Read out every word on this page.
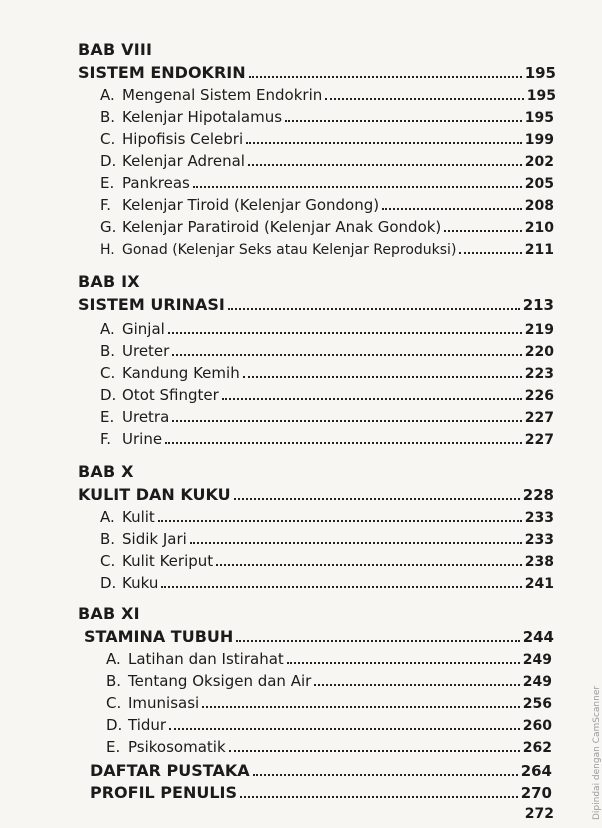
BAB VIII
SISTEM ENDOKRIN	195
A. Mengenal Sistem Endokrin	195
B. Kelenjar Hipotalamus	195
C. Hipofisis Celebri	199
D. Kelenjar Adrenal	202
E. Pankreas	205
F. Kelenjar Tiroid (Kelenjar Gondong)	208
G. Kelenjar Paratiroid (Kelenjar Anak Gondok)	210
H. Gonad (Kelenjar Seks atau Kelenjar Reproduksi)	211
BAB IX
SISTEM URINASI	213
A. Ginjal	219
B. Ureter	220
C. Kandung Kemih	223
D. Otot Sfingter	226
E. Uretra	227
F. Urine	227
BAB X
KULIT DAN KUKU	228
A. Kulit	233
B. Sidik Jari	233
C. Kulit Keriput	238
D. Kuku	241
BAB XI
STAMINA TUBUH	244
A. Latihan dan Istirahat	249
B. Tentang Oksigen dan Air	249
C. Imunisasi	256
D. Tidur	260
E. Psikosomatik	262
DAFTAR PUSTAKA	264
PROFIL PENULIS	270
272	Dipindai dengan CamScanner
